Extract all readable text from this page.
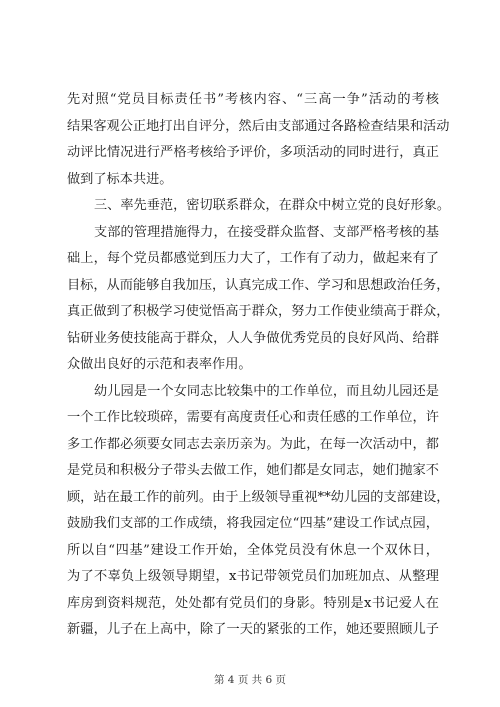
先对照“党员目标责任书”考核内容、“三高一争”活动的考核
结果客观公正地打出自评分，然后由支部通过各路检查结果和活动
动评比情况进行严格考核给予评价，多项活动的同时进行，真正
做到了标本共进。
三、率先垂范，密切联系群众，在群众中树立党的良好形象。
支部的管理措施得力，在接受群众监督、支部严格考核的基
础上，每个党员都感觉到压力大了，工作有了动力，做起来有了
目标，从而能够自我加压，认真完成工作、学习和思想政治任务，
真正做到了积极学习使觉悟高于群众，努力工作使业绩高于群众，
钻研业务使技能高于群众，人人争做优秀党员的良好风尚、给群
众做出良好的示范和表率作用。
幼儿园是一个女同志比较集中的工作单位，而且幼儿园还是
一个工作比较琐碎，需要有高度责任心和责任感的工作单位，许
多工作都必须要女同志去亲历亲为。为此，在每一次活动中，都
是党员和积极分子带头去做工作，她们都是女同志，她们抛家不
顾，站在最工作的前列。由于上级领导重视**幼儿园的支部建设，
鼓励我们支部的工作成绩，将我园定位“四基”建设工作试点园，
所以自“四基”建设工作开始，全体党员没有休息一个双休日，
为了不辜负上级领导期望，x书记带领党员们加班加点、从整理
库房到资料规范，处处都有党员们的身影。特别是x书记爱人在
新疆，儿子在上高中，除了一天的紧张的工作，她还要照顾儿子
第 4 页 共 6 页
